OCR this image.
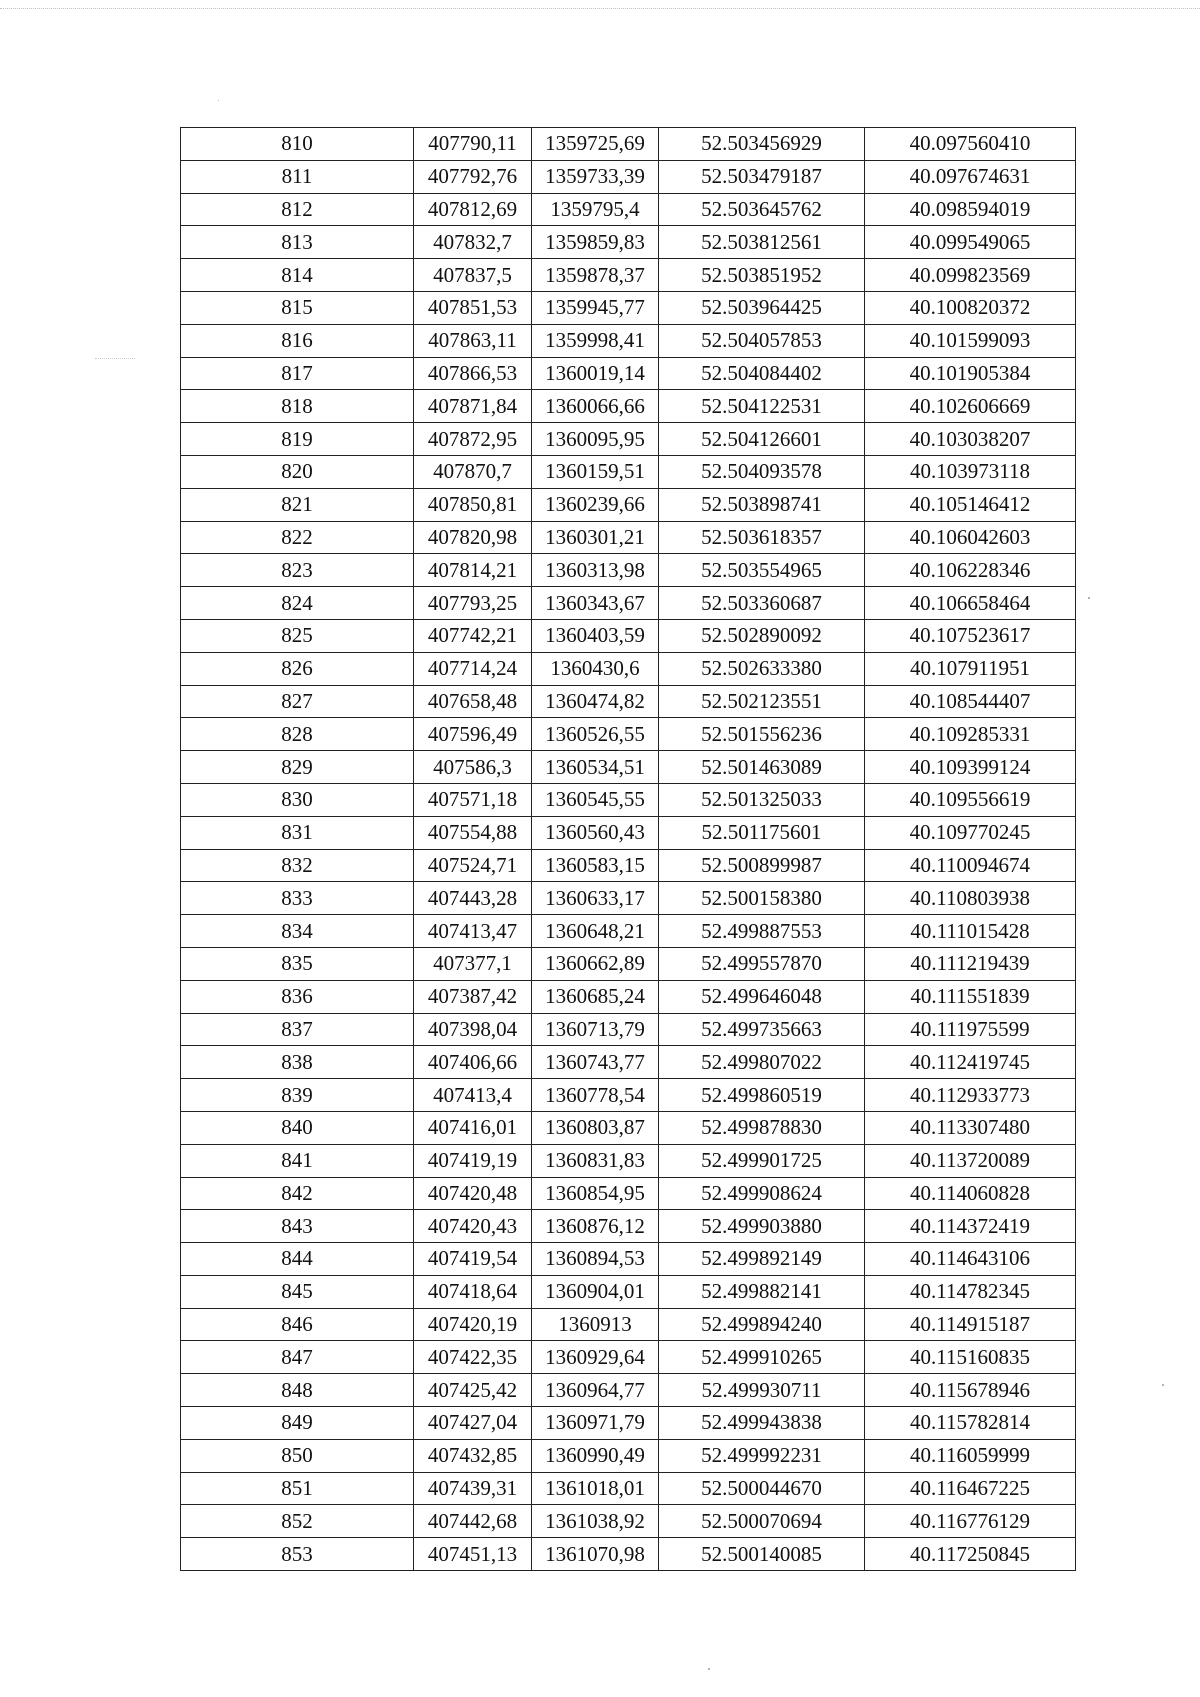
810	407790,11	1359725,69	52.503456929	40.097560410
811	407792,76	1359733,39	52.503479187	40.097674631
812	407812,69	1359795,4	52.503645762	40.098594019
813	407832,7	1359859,83	52.503812561	40.099549065
814	407837,5	1359878,37	52.503851952	40.099823569
815	407851,53	1359945,77	52.503964425	40.100820372
816	407863,11	1359998,41	52.504057853	40.101599093
817	407866,53	1360019,14	52.504084402	40.101905384
818	407871,84	1360066,66	52.504122531	40.102606669
819	407872,95	1360095,95	52.504126601	40.103038207
820	407870,7	1360159,51	52.504093578	40.103973118
821	407850,81	1360239,66	52.503898741	40.105146412
822	407820,98	1360301,21	52.503618357	40.106042603
823	407814,21	1360313,98	52.503554965	40.106228346
824	407793,25	1360343,67	52.503360687	40.106658464
825	407742,21	1360403,59	52.502890092	40.107523617
826	407714,24	1360430,6	52.502633380	40.107911951
827	407658,48	1360474,82	52.502123551	40.108544407
828	407596,49	1360526,55	52.501556236	40.109285331
829	407586,3	1360534,51	52.501463089	40.109399124
830	407571,18	1360545,55	52.501325033	40.109556619
831	407554,88	1360560,43	52.501175601	40.109770245
832	407524,71	1360583,15	52.500899987	40.110094674
833	407443,28	1360633,17	52.500158380	40.110803938
834	407413,47	1360648,21	52.499887553	40.111015428
835	407377,1	1360662,89	52.499557870	40.111219439
836	407387,42	1360685,24	52.499646048	40.111551839
837	407398,04	1360713,79	52.499735663	40.111975599
838	407406,66	1360743,77	52.499807022	40.112419745
839	407413,4	1360778,54	52.499860519	40.112933773
840	407416,01	1360803,87	52.499878830	40.113307480
841	407419,19	1360831,83	52.499901725	40.113720089
842	407420,48	1360854,95	52.499908624	40.114060828
843	407420,43	1360876,12	52.499903880	40.114372419
844	407419,54	1360894,53	52.499892149	40.114643106
845	407418,64	1360904,01	52.499882141	40.114782345
846	407420,19	1360913	52.499894240	40.114915187
847	407422,35	1360929,64	52.499910265	40.115160835
848	407425,42	1360964,77	52.499930711	40.115678946
849	407427,04	1360971,79	52.499943838	40.115782814
850	407432,85	1360990,49	52.499992231	40.116059999
851	407439,31	1361018,01	52.500044670	40.116467225
852	407442,68	1361038,92	52.500070694	40.116776129
853	407451,13	1361070,98	52.500140085	40.117250845
